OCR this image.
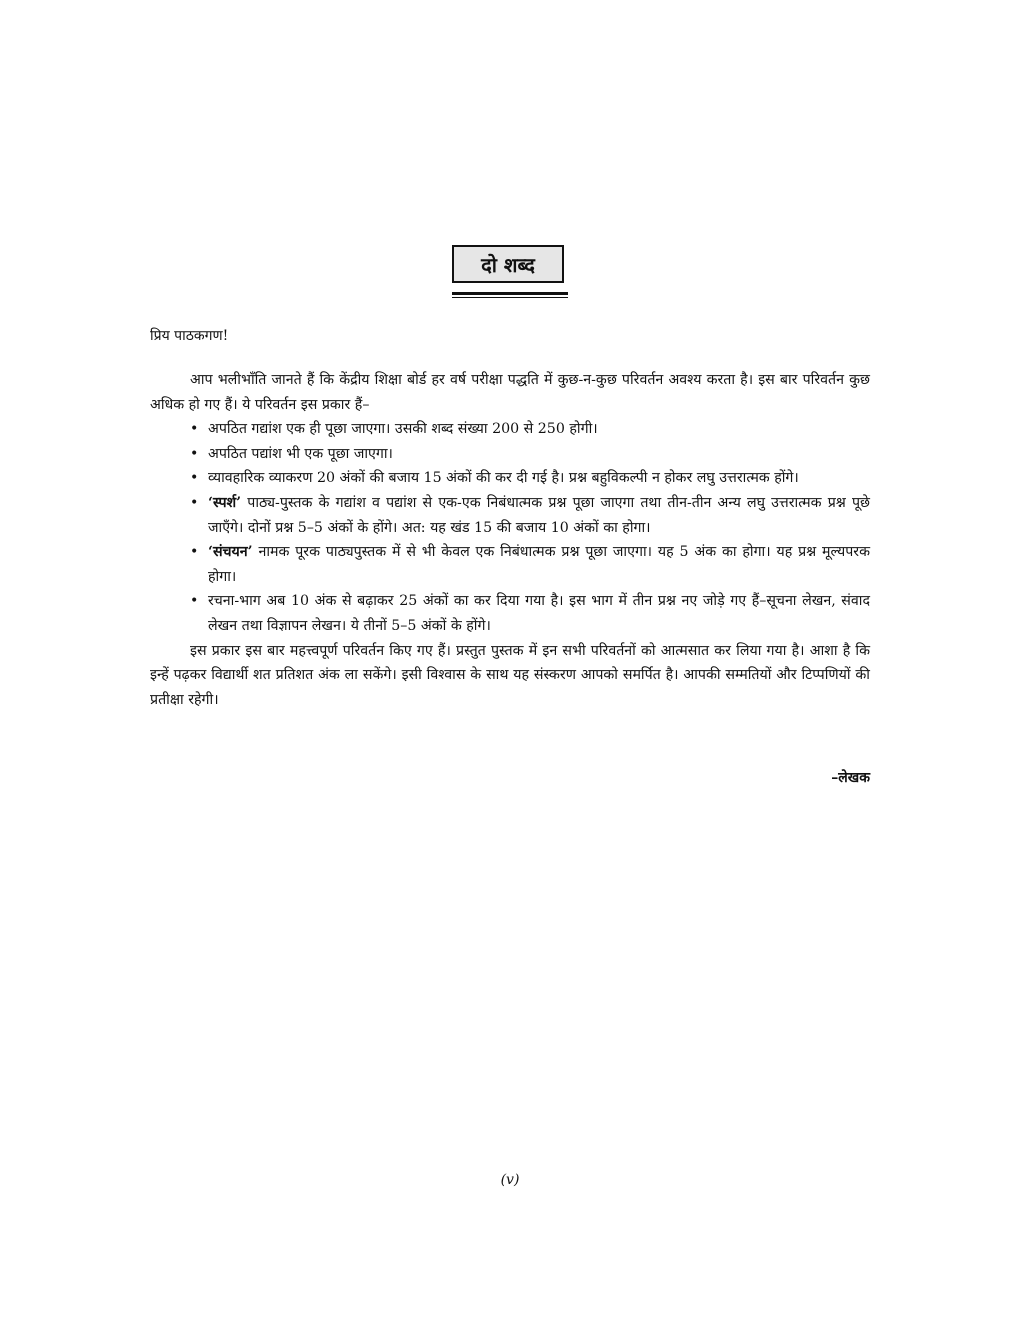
दो शब्द
प्रिय पाठकगण!

आप भलीभाँति जानते हैं कि केंद्रीय शिक्षा बोर्ड हर वर्ष परीक्षा पद्धति में कुछ-न-कुछ परिवर्तन अवश्य करता है। इस बार परिवर्तन कुछ अधिक हो गए हैं। ये परिवर्तन इस प्रकार हैं–

• अपठित गद्यांश एक ही पूछा जाएगा। उसकी शब्द संख्या 200 से 250 होगी।
• अपठित पद्यांश भी एक पूछा जाएगा।
• व्यावहारिक व्याकरण 20 अंकों की बजाय 15 अंकों की कर दी गई है। प्रश्न बहुविकल्पी न होकर लघु उत्तरात्मक होंगे।
• ‘स्पर्श’ पाठ्य-पुस्तक के गद्यांश व पद्यांश से एक-एक निबंधात्मक प्रश्न पूछा जाएगा तथा तीन-तीन अन्य लघु उत्तरात्मक प्रश्न पूछे जाएँगे। दोनों प्रश्न 5–5 अंकों के होंगे। अत: यह खंड 15 की बजाय 10 अंकों का होगा।
• ‘संचयन’ नामक पूरक पाठ्यपुस्तक में से भी केवल एक निबंधात्मक प्रश्न पूछा जाएगा। यह 5 अंक का होगा। यह प्रश्न मूल्यपरक होगा।
• रचना-भाग अब 10 अंक से बढ़ाकर 25 अंकों का कर दिया गया है। इस भाग में तीन प्रश्न नए जोड़े गए हैं–सूचना लेखन, संवाद लेखन तथा विज्ञापन लेखन। ये तीनों 5–5 अंकों के होंगे।

इस प्रकार इस बार महत्त्वपूर्ण परिवर्तन किए गए हैं। प्रस्तुत पुस्तक में इन सभी परिवर्तनों को आत्मसात कर लिया गया है। आशा है कि इन्हें पढ़कर विद्यार्थी शत प्रतिशत अंक ला सकेंगे। इसी विश्वास के साथ यह संस्करण आपको समर्पित है। आपकी सम्मतियों और टिप्पणियों की प्रतीक्षा रहेगी।

–लेखक
(v)
